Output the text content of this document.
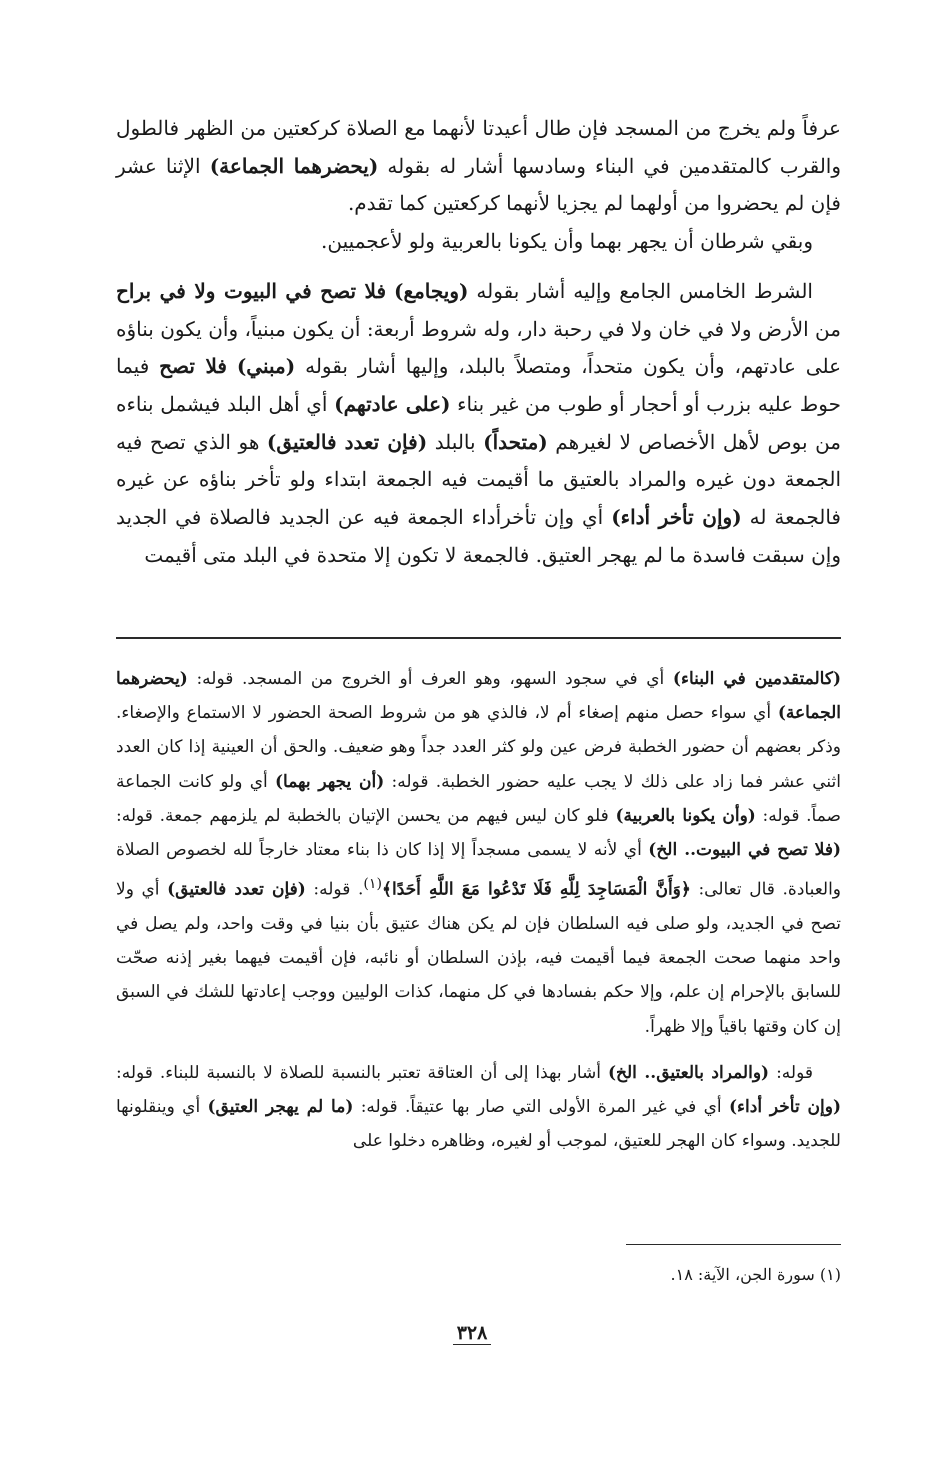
عرفاً ولم يخرج من المسجد فإن طال أعيدتا لأنهما مع الصلاة كركعتين من الظهر فالطول والقرب كالمتقدمين في البناء وسادسها أشار له بقوله (يحضرهما الجماعة) الإثنا عشر فإن لم يحضروا من أولهما لم يجزيا لأنهما كركعتين كما تقدم.

وبقي شرطان أن يجهر بهما وأن يكونا بالعربية ولو لأعجميين.

الشرط الخامس الجامع وإليه أشار بقوله (ويجامع) فلا تصح في البيوت ولا في براح من الأرض ولا في خان ولا في رحبة دار، وله شروط أربعة: أن يكون مبنياً، وأن يكون بناؤه على عادتهم، وأن يكون متحداً، ومتصلاً بالبلد، وإليها أشار بقوله (مبني) فلا تصح فيما حوط عليه بزرب أو أحجار أو طوب من غير بناء (على عادتهم) أي أهل البلد فيشمل بناءه من بوص لأهل الأخصاص لا لغيرهم (متحداً) بالبلد (فإن تعدد فالعتيق) هو الذي تصح فيه الجمعة دون غيره والمراد بالعتيق ما أقيمت فيه الجمعة ابتداء ولو تأخر بناؤه عن غيره فالجمعة له (وإن تأخر أداء) أي وإن تأخرأداء الجمعة فيه عن الجديد فالصلاة في الجديد وإن سبقت فاسدة ما لم يهجر العتيق. فالجمعة لا تكون إلا متحدة في البلد متى أقيمت

(كالمتقدمين في البناء) أي في سجود السهو، وهو العرف أو الخروج من المسجد. قوله: (يحضرهما الجماعة) أي سواء حصل منهم إصغاء أم لا، فالذي هو من شروط الصحة الحضور لا الاستماع والإصغاء. وذكر بعضهم أن حضور الخطبة فرض عين ولو كثر العدد جداً وهو ضعيف. والحق أن العينية إذا كان العدد اثني عشر فما زاد على ذلك لا يجب عليه حضور الخطبة. قوله: (أن يجهر بهما) أي ولو كانت الجماعة صماً. قوله: (وأن يكونا بالعربية) فلو كان ليس فيهم من يحسن الإتيان بالخطبة لم يلزمهم جمعة. قوله: (فلا تصح في البيوت.. الخ) أي لأنه لا يسمى مسجداً إلا إذا كان ذا بناء معتاد خارجاً لله لخصوص الصلاة والعبادة. قال تعالى: ﴿وَأَنَّ الْمَسَاجِدَ لِلَّهِ فَلَا تَدْعُوا مَعَ اللَّهِ أَحَدًا﴾$^{(١)}$. قوله: (فإن تعدد فالعتيق) أي ولا تصح في الجديد، ولو صلى فيه السلطان فإن لم يكن هناك عتيق بأن بنيا في وقت واحد، ولم يصل في واحد منهما صحت الجمعة فيما أقيمت فيه، بإذن السلطان أو نائبه، فإن أقيمت فيهما بغير إذنه صحّت للسابق بالإحرام إن علم، وإلا حكم بفسادها في كل منهما، كذات الوليين ووجب إعادتها للشك في السبق إن كان وقتها باقياً وإلا ظهراً.

قوله: (والمراد بالعتيق.. الخ) أشار بهذا إلى أن العتاقة تعتبر بالنسبة للصلاة لا بالنسبة للبناء. قوله: (وإن تأخر أداء) أي في غير المرة الأولى التي صار بها عتيقاً. قوله: (ما لم يهجر العتيق) أي وينقلونها للجديد. وسواء كان الهجر للعتيق، لموجب أو لغيره، وظاهره دخلوا على

(١) سورة الجن، الآية: ١٨.
٣٢٨
